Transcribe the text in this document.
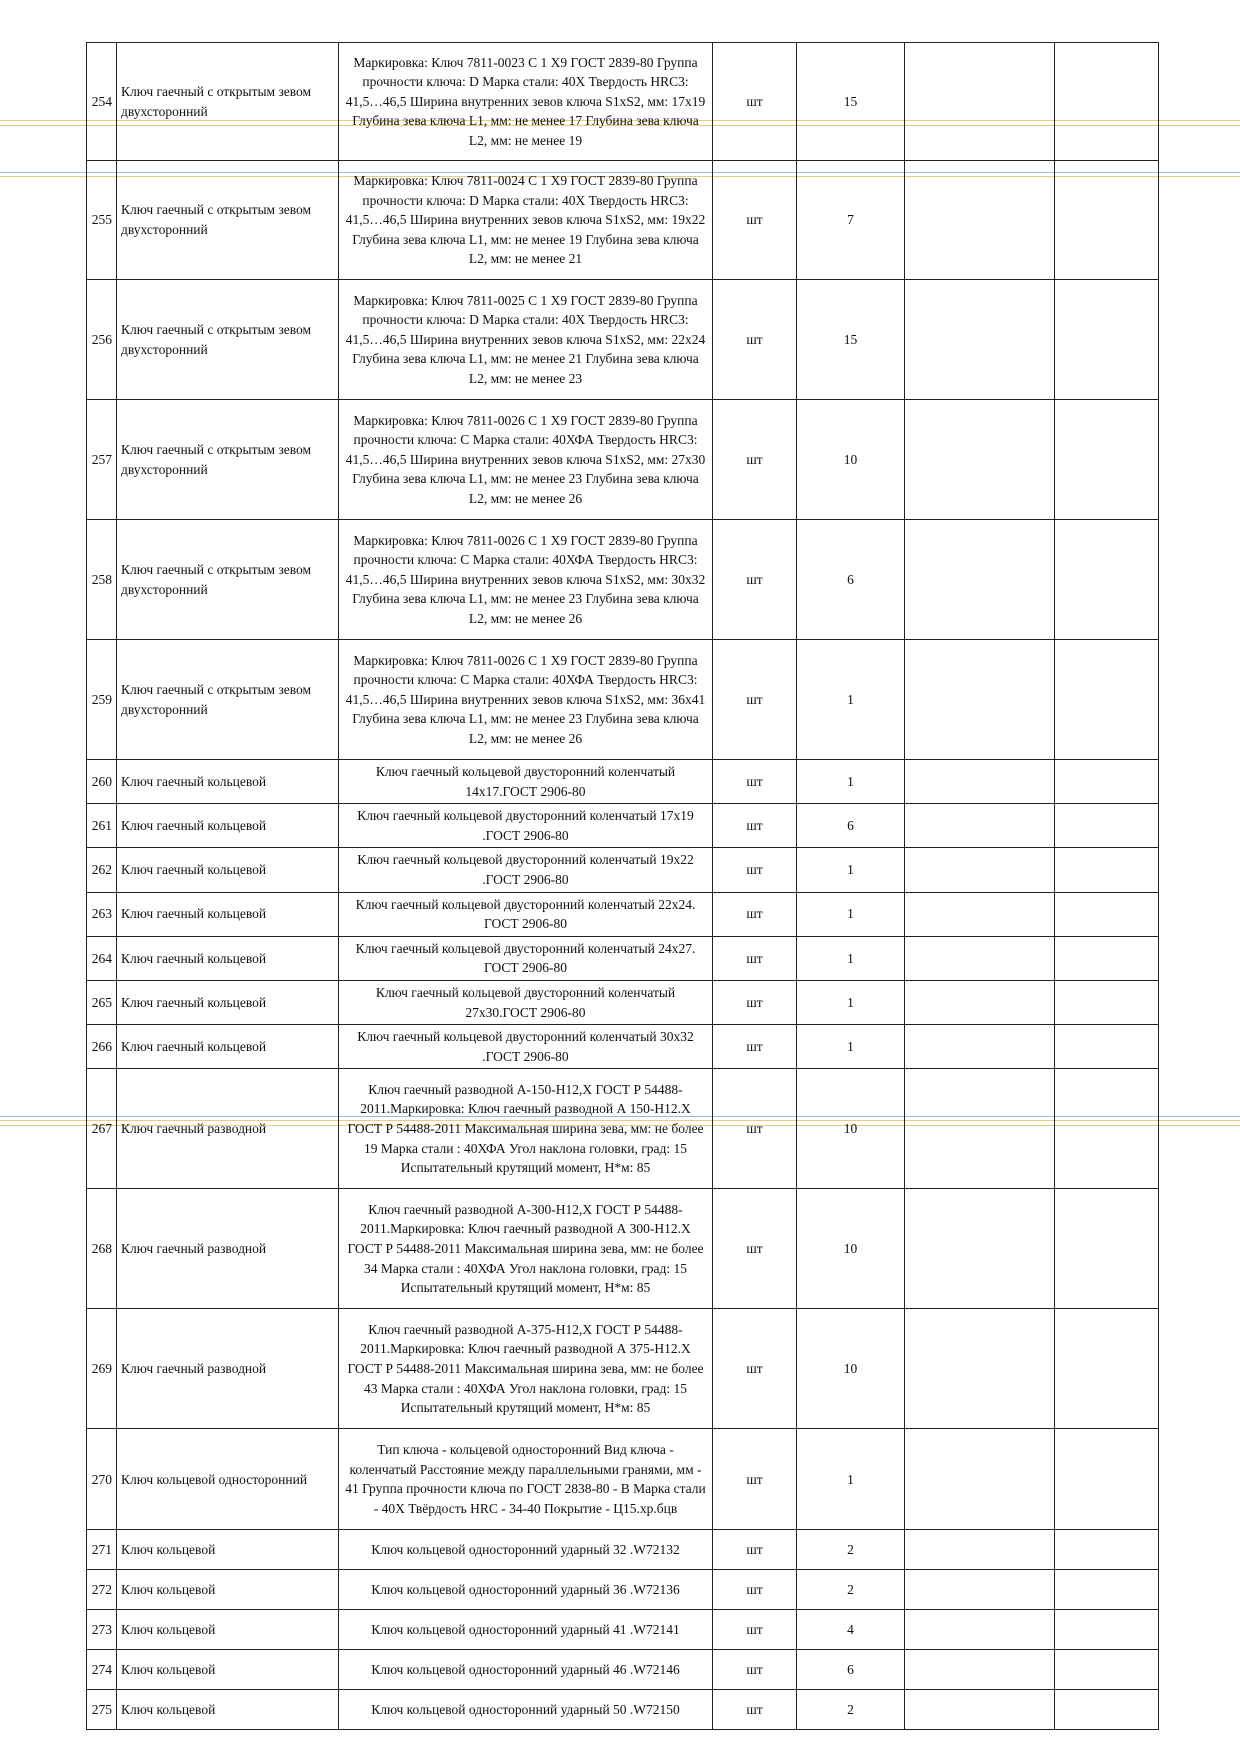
254	Ключ гаечный с открытым зевом двухсторонний	Маркировка: Ключ 7811-0023 С 1 Х9 ГОСТ 2839-80 Группа прочности ключа: D Марка стали: 40Х Твердость HRC3: 41,5…46,5 Ширина внутренних зевов ключа S1xS2, мм: 17x19 Глубина зева ключа L1, мм: не менее 17 Глубина зева ключа L2, мм: не менее 19	шт	15		
255	Ключ гаечный с открытым зевом двухсторонний	Маркировка: Ключ 7811-0024 С 1 Х9 ГОСТ 2839-80 Группа прочности ключа: D Марка стали: 40Х Твердость HRC3: 41,5…46,5 Ширина внутренних зевов ключа S1xS2, мм: 19x22 Глубина зева ключа L1, мм: не менее 19 Глубина зева ключа L2, мм: не менее 21	шт	7		
256	Ключ гаечный с открытым зевом двухсторонний	Маркировка: Ключ 7811-0025 С 1 Х9 ГОСТ 2839-80 Группа прочности ключа: D Марка стали: 40Х Твердость HRC3: 41,5…46,5 Ширина внутренних зевов ключа S1xS2, мм: 22x24 Глубина зева ключа L1, мм: не менее 21 Глубина зева ключа L2, мм: не менее 23	шт	15		
257	Ключ гаечный с открытым зевом двухсторонний	Маркировка: Ключ 7811-0026 С 1 Х9 ГОСТ 2839-80 Группа прочности ключа: С Марка стали: 40ХФА Твердость HRC3: 41,5…46,5 Ширина внутренних зевов ключа S1xS2, мм: 27x30 Глубина зева ключа L1, мм: не менее 23 Глубина зева ключа L2, мм: не менее 26	шт	10		
258	Ключ гаечный с открытым зевом двухсторонний	Маркировка: Ключ 7811-0026 С 1 Х9 ГОСТ 2839-80 Группа прочности ключа: С Марка стали: 40ХФА Твердость HRC3: 41,5…46,5 Ширина внутренних зевов ключа S1xS2, мм: 30x32 Глубина зева ключа L1, мм: не менее 23 Глубина зева ключа L2, мм: не менее 26	шт	6		
259	Ключ гаечный с открытым зевом двухсторонний	Маркировка: Ключ 7811-0026 С 1 Х9 ГОСТ 2839-80 Группа прочности ключа: С Марка стали: 40ХФА Твердость HRC3: 41,5…46,5 Ширина внутренних зевов ключа S1xS2, мм: 36x41 Глубина зева ключа L1, мм: не менее 23 Глубина зева ключа L2, мм: не менее 26	шт	1		
260	Ключ гаечный кольцевой	Ключ гаечный кольцевой двусторонний коленчатый 14x17.ГОСТ 2906-80	шт	1		
261	Ключ гаечный кольцевой	Ключ гаечный кольцевой двусторонний коленчатый 17x19 .ГОСТ 2906-80	шт	6		
262	Ключ гаечный кольцевой	Ключ гаечный кольцевой двусторонний коленчатый 19x22 .ГОСТ 2906-80	шт	1		
263	Ключ гаечный кольцевой	Ключ гаечный кольцевой двусторонний коленчатый 22x24. ГОСТ 2906-80	шт	1		
264	Ключ гаечный кольцевой	Ключ гаечный кольцевой двусторонний коленчатый 24x27. ГОСТ 2906-80	шт	1		
265	Ключ гаечный кольцевой	Ключ гаечный кольцевой двусторонний коленчатый 27x30.ГОСТ 2906-80	шт	1		
266	Ключ гаечный кольцевой	Ключ гаечный кольцевой двусторонний коленчатый 30x32 .ГОСТ 2906-80	шт	1		
267	Ключ гаечный разводной	Ключ гаечный разводной А-150-Н12,Х ГОСТ Р 54488-2011.Маркировка: Ключ гаечный разводной А 150-Н12.Х ГОСТ Р 54488-2011 Максимальная ширина зева, мм: не более 19 Марка стали : 40ХФА Угол наклона головки, град: 15 Испытательный крутящий момент, Н*м: 85	шт	10		
268	Ключ гаечный разводной	Ключ гаечный разводной А-300-Н12,Х ГОСТ Р 54488-2011.Маркировка: Ключ гаечный разводной А 300-Н12.Х ГОСТ Р 54488-2011 Максимальная ширина зева, мм: не более 34 Марка стали : 40ХФА Угол наклона головки, град: 15 Испытательный крутящий момент, Н*м: 85	шт	10		
269	Ключ гаечный разводной	Ключ гаечный разводной А-375-Н12,Х ГОСТ Р 54488-2011.Маркировка: Ключ гаечный разводной А 375-Н12.Х ГОСТ Р 54488-2011 Максимальная ширина зева, мм: не более 43 Марка стали : 40ХФА Угол наклона головки, град: 15 Испытательный крутящий момент, Н*м: 85	шт	10		
270	Ключ кольцевой односторонний	Тип ключа - кольцевой односторонний Вид ключа - коленчатый Расстояние между параллельными гранями, мм - 41 Группа прочности ключа по ГОСТ 2838-80 - В Марка стали - 40Х Твёрдость HRC - 34-40 Покрытие - Ц15.хр.бцв	шт	1		
271	Ключ кольцевой	Ключ кольцевой односторонний ударный 32 .W72132	шт	2		
272	Ключ кольцевой	Ключ кольцевой односторонний ударный 36 .W72136	шт	2		
273	Ключ кольцевой	Ключ кольцевой односторонний ударный 41 .W72141	шт	4		
274	Ключ кольцевой	Ключ кольцевой односторонний ударный 46 .W72146	шт	6		
275	Ключ кольцевой	Ключ кольцевой односторонний ударный 50 .W72150	шт	2		
